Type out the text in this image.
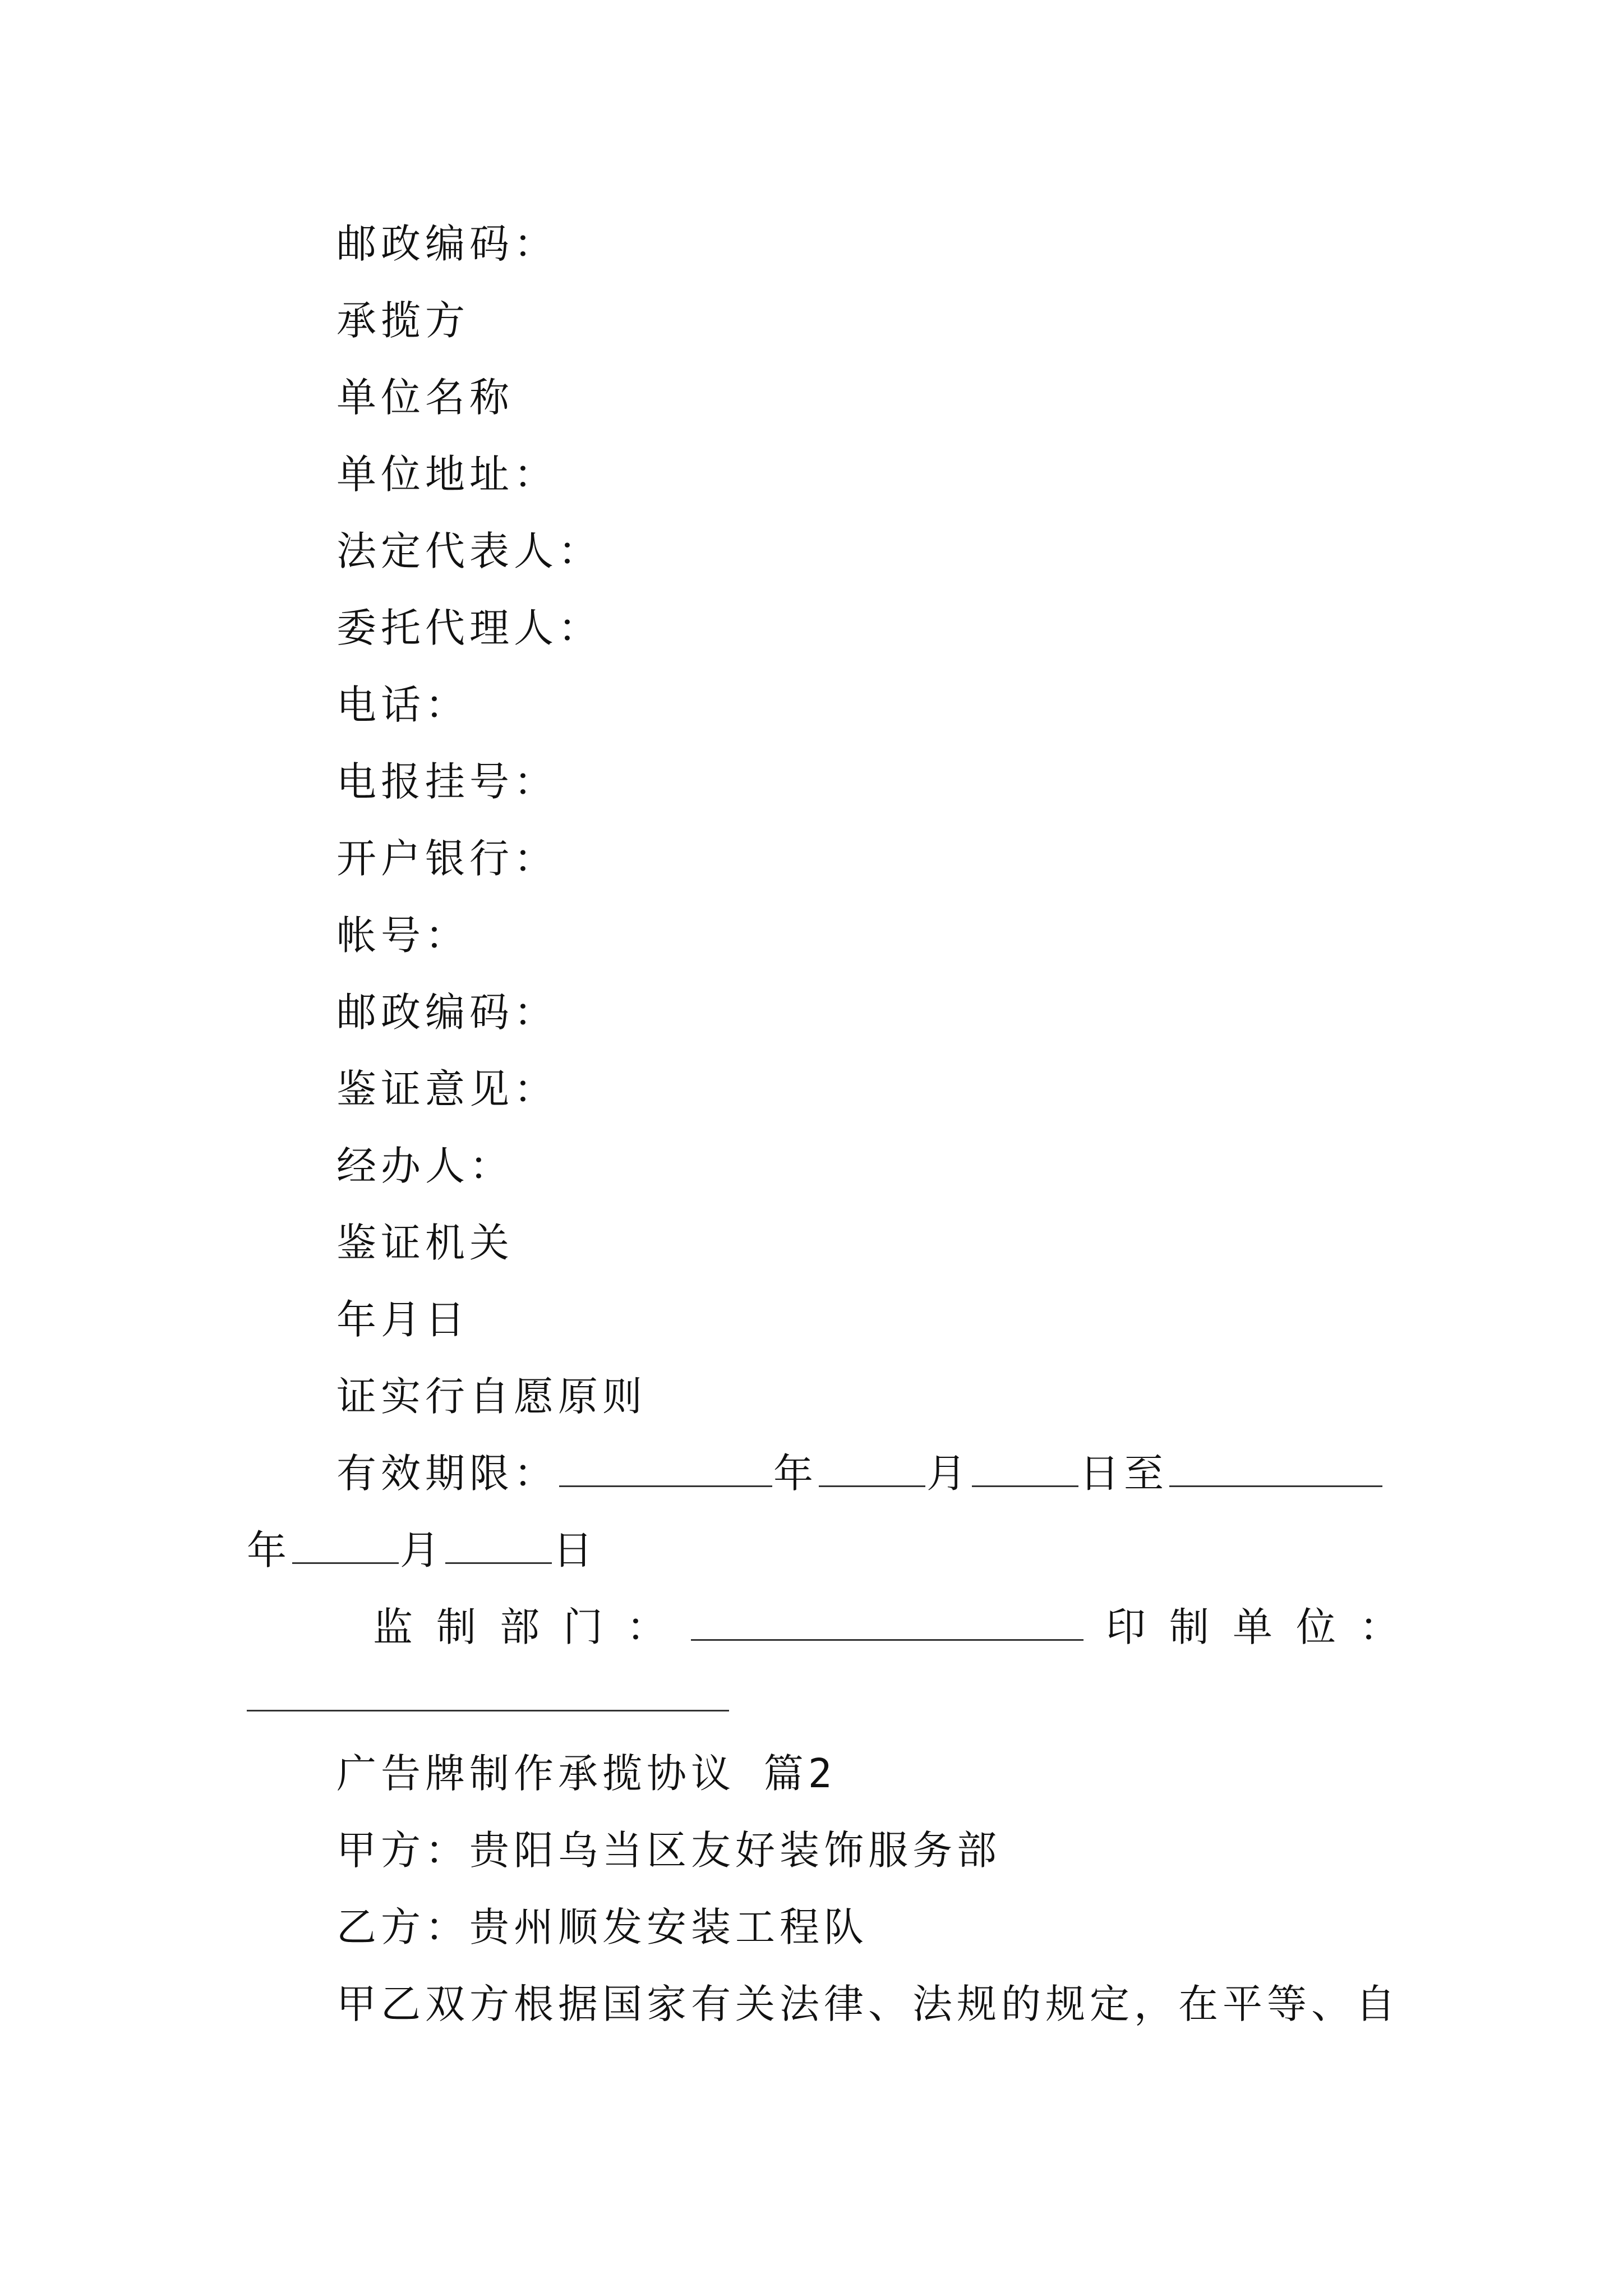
邮政编码：
承揽方
单位名称
单位地址：
法定代表人：
委托代理人：
电话：
电报挂号：
开户银行：
帐号：
邮政编码：
鉴证意见：
经办人：
鉴证机关
年月日
证实行自愿原则
有效期限：	年	月	日至
年	月	日
监制部门：	印制单位：
广告牌制作承揽协议 篇2
甲方：贵阳乌当区友好装饰服务部
乙方：贵州顺发安装工程队
甲乙双方根据国家有关法律、法规的规定，在平等、自
